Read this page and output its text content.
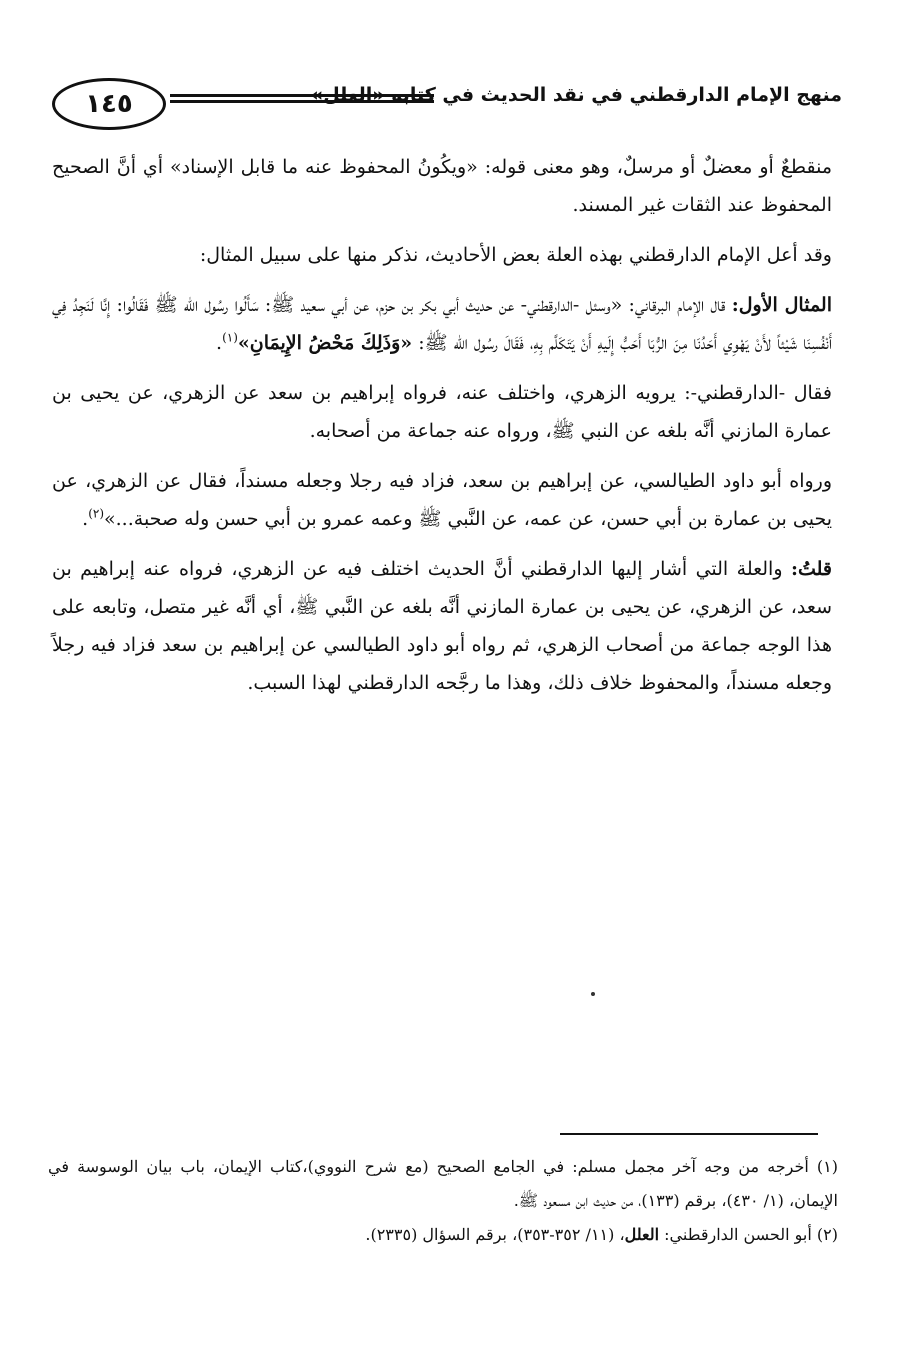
١٤٥	منهج الإمام الدارقطني في نقد الحديث في كتابه «العلل»

منقطعٌ أو معضلٌ أو مرسلٌ، وهو معنى قوله: «ويكُونُ المحفوظ عنه ما قابل الإسناد» أي أنَّ الصحيح المحفوظ عند الثقات غير المسند.

وقد أعل الإمام الدارقطني بهذه العلة بعض الأحاديث، نذكر منها على سبيل المثال:

المثال الأول: قال الإمام البرقاني: «وسئل -الدارقطني- عن حديث أبي بكر بن حزم، عن أبي سعيد ﷺ: سَأَلُوا رسُول الله ﷺ فَقَالُوا: إِنَّا لَنَجِدُ فِي أَنْفُسِنَا شَيْئاً لأَنْ يَهْوِي أَحَدُنَا مِنَ الرُّبَا أَحَبُّ إِلَيهِ أَنْ يَتَكَلَّم بِهِ، فَقَالَ رسُول الله ﷺ: «وَذَلِكَ مَحْضُ الإِيمَانِ»$^{(١)}$.

فقال -الدارقطني-: يرويه الزهري، واختلف عنه، فرواه إبراهيم بن سعد عن الزهري، عن يحيى بن عمارة المازني أنَّه بلغه عن النبي ﷺ، ورواه عنه جماعة من أصحابه.

ورواه أبو داود الطيالسي، عن إبراهيم بن سعد، فزاد فيه رجلا وجعله مسنداً، فقال عن الزهري، عن يحيى بن عمارة بن أبي حسن، عن عمه، عن النَّبي ﷺ وعمه عمرو بن أبي حسن وله صحبة...»$^{(٢)}$.

قلتُ: والعلة التي أشار إليها الدارقطني أنَّ الحديث اختلف فيه عن الزهري، فرواه عنه إبراهيم بن سعد، عن الزهري، عن يحيى بن عمارة المازني أنَّه بلغه عن النَّبي ﷺ، أي أنَّه غير متصل، وتابعه على هذا الوجه جماعة من أصحاب الزهري، ثم رواه أبو داود الطيالسي عن إبراهيم بن سعد فزاد فيه رجلاً وجعله مسنداً، والمحفوظ خلاف ذلك، وهذا ما رجَّحه الدارقطني لهذا السبب.

(١) أخرجه من وجه آخر مجمل مسلم: في الجامع الصحيح (مع شرح النووي)،كتاب الإيمان، باب بيان الوسوسة في الإيمان، (١/ ٤٣٠)، برقم (١٣٣)، من حديث ابن مسعود ﷺ.

(٢) أبو الحسن الدارقطني: العلل، (١١/ ٣٥٢-٣٥٣)، برقم السؤال (٢٣٣٥).
